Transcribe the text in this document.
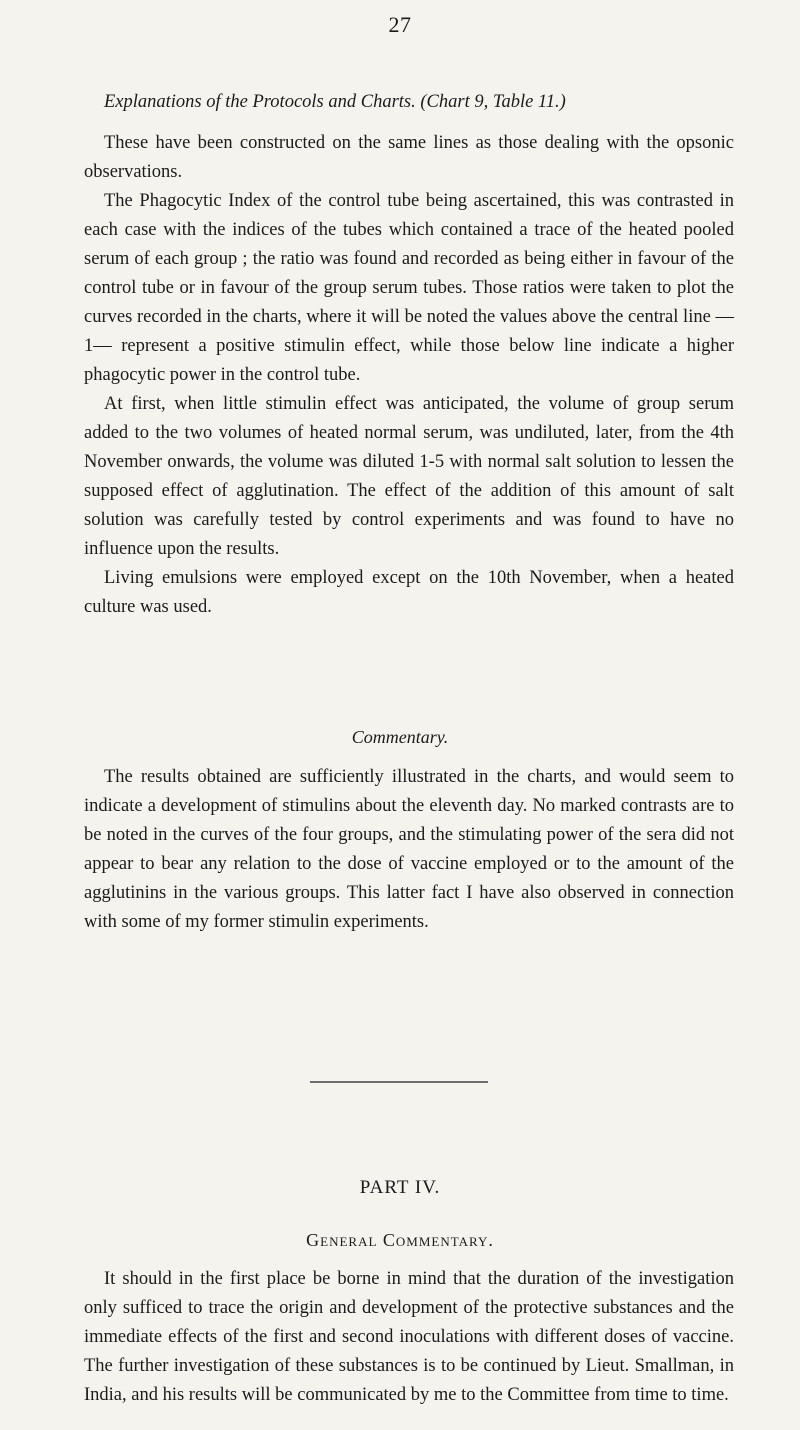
27
Explanations of the Protocols and Charts. (Chart 9, Table 11.)

These have been constructed on the same lines as those dealing with the opsonic observations.

The Phagocytic Index of the control tube being ascertained, this was contrasted in each case with the indices of the tubes which contained a trace of the heated pooled serum of each group ; the ratio was found and recorded as being either in favour of the control tube or in favour of the group serum tubes. Those ratios were taken to plot the curves recorded in the charts, where it will be noted the values above the central line —1— represent a positive stimulin effect, while those below line indicate a higher phagocytic power in the control tube.

At first, when little stimulin effect was anticipated, the volume of group serum added to the two volumes of heated normal serum, was undiluted, later, from the 4th November onwards, the volume was diluted 1-5 with normal salt solution to lessen the supposed effect of agglutination. The effect of the addition of this amount of salt solution was carefully tested by control experiments and was found to have no influence upon the results.

Living emulsions were employed except on the 10th November, when a heated culture was used.

Commentary.

The results obtained are sufficiently illustrated in the charts, and would seem to indicate a development of stimulins about the eleventh day. No marked contrasts are to be noted in the curves of the four groups, and the stimulating power of the sera did not appear to bear any relation to the dose of vaccine employed or to the amount of the agglutinins in the various groups. This latter fact I have also observed in connection with some of my former stimulin experiments.

PART IV.
General Commentary.

It should in the first place be borne in mind that the duration of the investigation only sufficed to trace the origin and development of the protective substances and the immediate effects of the first and second inoculations with different doses of vaccine. The further investigation of these substances is to be continued by Lieut. Smallman, in India, and his results will be communicated by me to the Committee from time to time.
